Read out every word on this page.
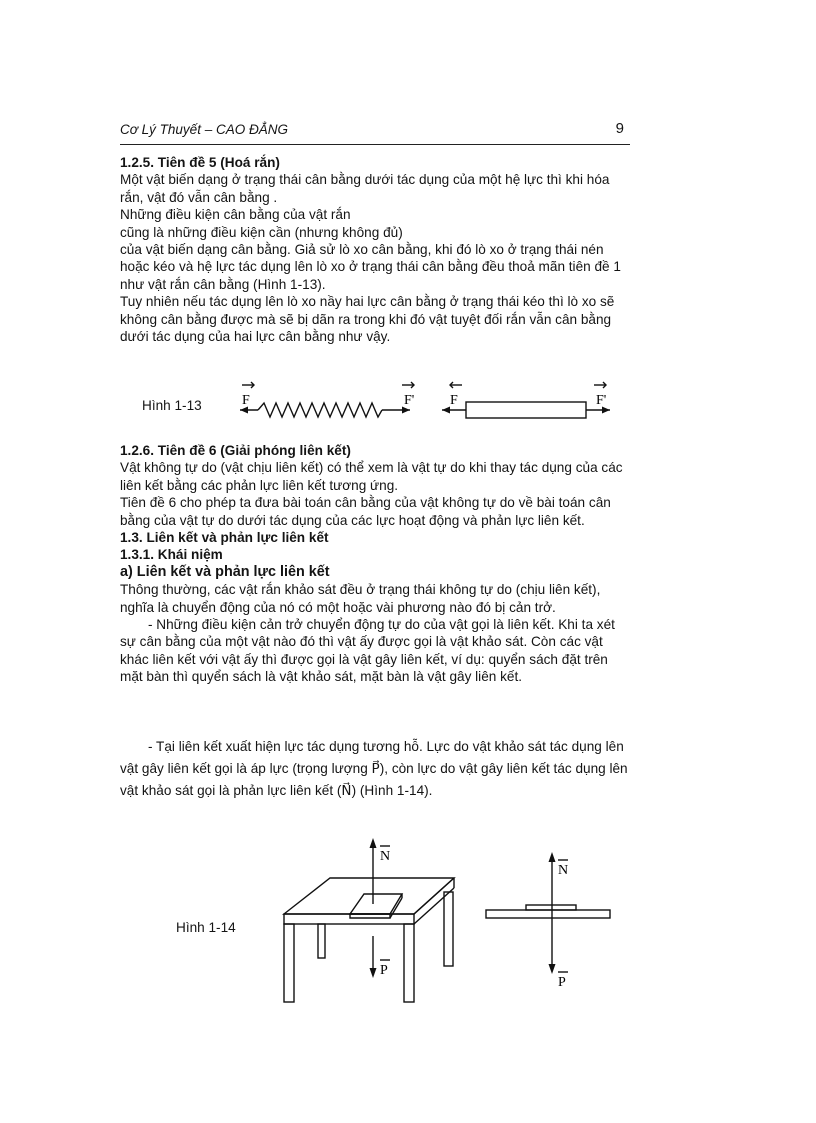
Cơ Lý Thuyết – CAO ĐẲNG	9

1.2.5. Tiên đề 5 (Hoá rắn)

Một vật biến dạng ở trạng thái cân bằng dưới tác dụng của một hệ lực thì khi hóa rắn, vật đó vẫn cân bằng .

Những điều kiện cân bằng của vật rắn

cũng là những điều kiện cần (nhưng không đủ)

của vật biến dạng cân bằng. Giả sử lò xo cân bằng, khi đó lò xo ở trạng thái nén hoặc kéo và hệ lực tác dụng lên lò xo ở trạng thái cân bằng đều thoả mãn tiên đề 1 như vật rắn cân bằng (Hình 1-13).

Tuy nhiên nếu tác dụng lên lò xo nầy hai lực cân bằng ở trạng thái kéo thì lò xo sẽ không cân bằng được mà sẽ bị dãn ra trong khi đó vật tuyệt đối rắn vẫn cân bằng dưới tác dụng của hai lực cân bằng như vậy.

Hình 1-13	F	F'	F	F'

1.2.6. Tiên đề 6 (Giải phóng liên kết)

Vật không tự do (vật chịu liên kết) có thể xem là vật tự do khi thay tác dụng của các liên kết bằng các phản lực liên kết tương ứng.

Tiên đề 6 cho phép ta đưa bài toán cân bằng của vật không tự do về bài toán cân bằng của vật tự do dưới tác dụng của các lực hoạt động và phản lực liên kết.

1.3. Liên kết và phản lực liên kết

1.3.1. Khái niệm

a) Liên kết và phản lực liên kết

Thông thường, các vật rắn khảo sát đều ở trạng thái không tự do (chịu liên kết), nghĩa là chuyển động của nó có một hoặc vài phương nào đó bị cản trở.

- Những điều kiện cản trở chuyển động tự do của vật gọi là liên kết. Khi ta xét sự cân bằng của một vật nào đó thì vật ấy được gọi là vật khảo sát. Còn các vật khác liên kết với vật ấy thì được gọi là vật gây liên kết, ví dụ: quyển sách đặt trên mặt bàn thì quyển sách là vật khảo sát, mặt bàn là vật gây liên kết.

- Tại liên kết xuất hiện lực tác dụng tương hỗ. Lực do vật khảo sát tác dụng lên vật gây liên kết gọi là áp lực (trọng lượng P⃗), còn lực do vật gây liên kết tác dụng lên vật khảo sát gọi là phản lực liên kết (N⃗) (Hình 1-14).

Hình 1-14
N
P
N
P
